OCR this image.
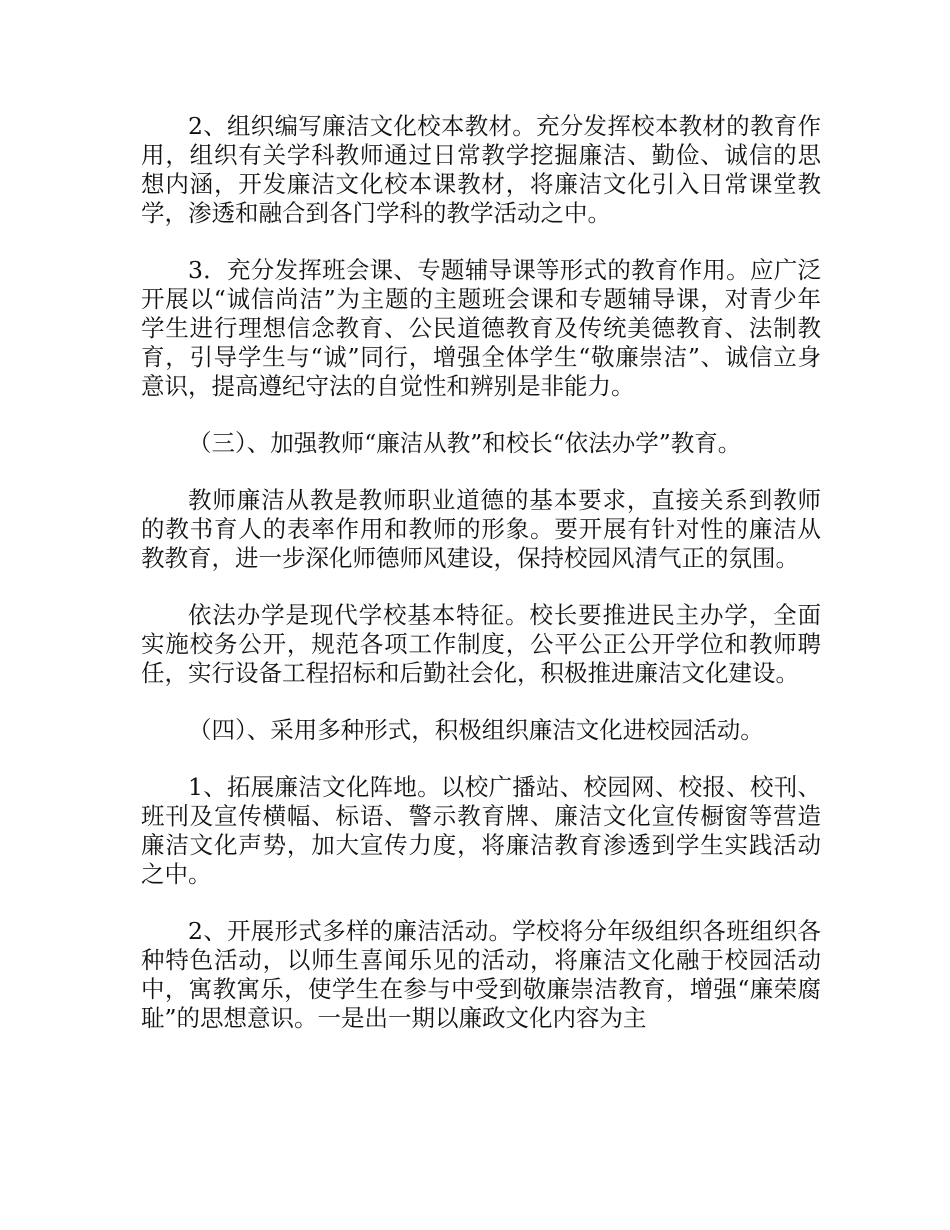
2、组织编写廉洁文化校本教材。充分发挥校本教材的教育作用，组织有关学科教师通过日常教学挖掘廉洁、勤俭、诚信的思想内涵，开发廉洁文化校本课教材，将廉洁文化引入日常课堂教学，渗透和融合到各门学科的教学活动之中。

3．充分发挥班会课、专题辅导课等形式的教育作用。应广泛开展以“诚信尚洁”为主题的主题班会课和专题辅导课，对青少年学生进行理想信念教育、公民道德教育及传统美德教育、法制教育，引导学生与“诚”同行，增强全体学生“敬廉崇洁”、诚信立身意识，提高遵纪守法的自觉性和辨别是非能力。

（三）、加强教师“廉洁从教”和校长“依法办学”教育。

教师廉洁从教是教师职业道德的基本要求，直接关系到教师的教书育人的表率作用和教师的形象。要开展有针对性的廉洁从教教育，进一步深化师德师风建设，保持校园风清气正的氛围。

依法办学是现代学校基本特征。校长要推进民主办学，全面实施校务公开，规范各项工作制度，公平公正公开学位和教师聘任，实行设备工程招标和后勤社会化，积极推进廉洁文化建设。

（四）、采用多种形式，积极组织廉洁文化进校园活动。

1、拓展廉洁文化阵地。以校广播站、校园网、校报、校刊、班刊及宣传横幅、标语、警示教育牌、廉洁文化宣传橱窗等营造廉洁文化声势，加大宣传力度，将廉洁教育渗透到学生实践活动之中。

2、开展形式多样的廉洁活动。学校将分年级组织各班组织各种特色活动，以师生喜闻乐见的活动，将廉洁文化融于校园活动中，寓教寓乐，使学生在参与中受到敬廉崇洁教育，增强“廉荣腐耻”的思想意识。一是出一期以廉政文化内容为主
